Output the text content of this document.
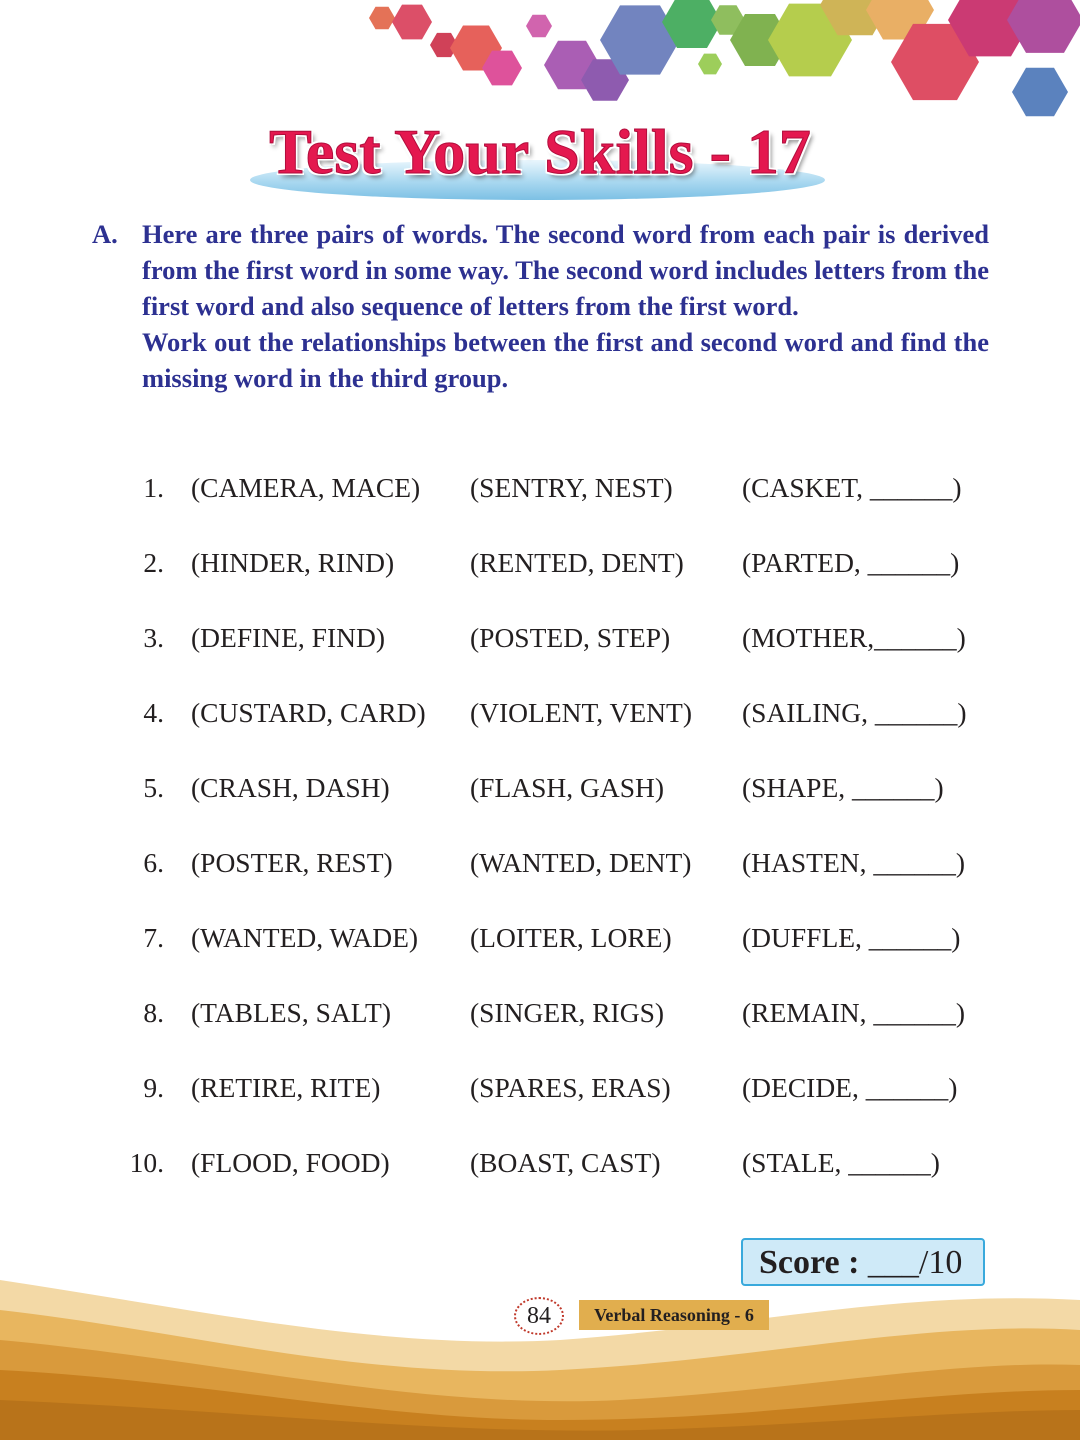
Test Your Skills - 17
A. Here are three pairs of words. The second word from each pair is derived from the first word in some way. The second word includes letters from the first word and also sequence of letters from the first word.

Work out the relationships between the first and second word and find the missing word in the third group.

1. (CAMERA, MACE) (SENTRY, NEST)	(CASKET, ______)
2. (HINDER, RIND)	(RENTED, DENT) (PARTED, ______)
3. (DEFINE, FIND)	(POSTED, STEP)	(MOTHER,______)
4. (CUSTARD, CARD) (VIOLENT, VENT) (SAILING, ______)
5. (CRASH, DASH)	(FLASH, GASH)	(SHAPE, ______)
6. (POSTER, REST)	(WANTED, DENT) (HASTEN, ______)
7. (WANTED, WADE) (LOITER, LORE)	(DUFFLE, ______)
8. (TABLES, SALT)	(SINGER, RIGS)	(REMAIN, ______)
9. (RETIRE, RITE)	(SPARES, ERAS)	(DECIDE, ______)
10. (FLOOD, FOOD)	(BOAST, CAST)	(STALE, ______)
Score : ___/10
84	Verbal Reasoning - 6
